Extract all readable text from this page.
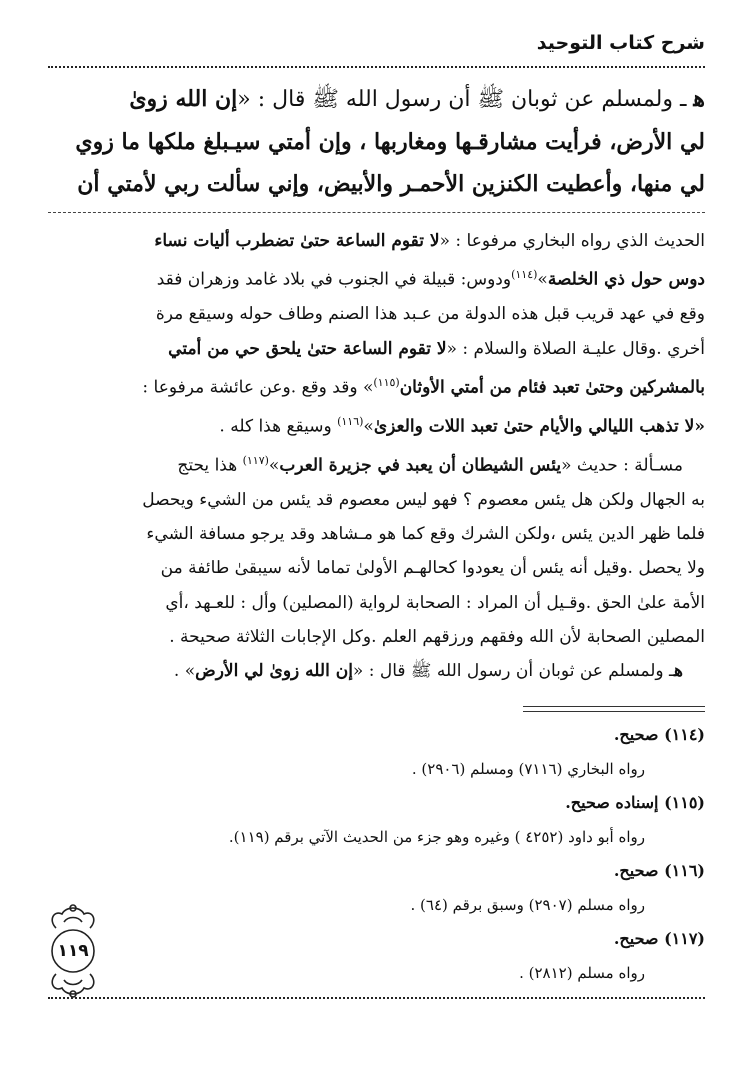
شرح كتاب التوحيد
ﮬ ـ ولمسلم عن ثوبان ﷺ أن رسول الله ﷺ قال : «إن الله زوىٰ
لي الأرض، فرأيت مشارقـها ومغاربها ، وإن أمتي سيـبلغ ملكها ما زوي
لي منها، وأعطيت الكنزين الأحمـر والأبيض، وإني سألت ربي لأمتي أن
الحديث الذي رواه البخاري مرفوعا : «لا تقوم الساعة حتىٰ تضطرب أليات نساء
دوس حول ذي الخلصة»$^{(١١٤)}$ودوس: قبيلة في الجنوب في بلاد غامد وزهران فقد
وقع في عهد قريب قبل هذه الدولة من عـبد هذا الصنم وطاف حوله وسيقع مرة
أخري .وقال عليـة الصلاة والسلام : «لا تقوم الساعة حتىٰ يلحق حي من أمتي
بالمشركين وحتىٰ تعبد فئام من أمتي الأوثان$^{(١١٥)}$» وقد وقع .وعن عائشة مرفوعا :
«لا تذهب الليالي والأيام حتىٰ تعبد اللات والعزىٰ»$^{(١١٦)}$ وسيقع هذا كله .
مسـألة : حديث «يئس الشيطان أن يعبد في جزيرة العرب»$^{(١١٧)}$ هذا يحتج
به الجهال ولكن هل يئس معصوم ؟ فهو ليس معصوم قد يئس من الشيء ويحصل
فلما ظهر الدين يئس ،ولكن الشرك وقع كما هو مـشاهد وقد يرجو مسافة الشيء
ولا يحصل .وقيل أنه يئس أن يعودوا كحالهـم الأولىٰ تماما لأنه سيبقىٰ طائفة من
الأمة علىٰ الحق .وقـيل أن المراد : الصحابة لرواية (المصلين) وأل : للعـهد ،أي
المصلين الصحابة لأن الله وفقهم ورزقهم العلم .وكل الإجابات الثلاثة صحيحة .
ﮬـ ولمسلم عن ثوبان أن رسول الله ﷺ قال : «إن الله زوىٰ لي الأرض» .
(١١٤) صحيح.
رواه البخاري (٧١١٦) ومسلم (٢٩٠٦) .
(١١٥) إسناده صحيح.
رواه أبو داود (٤٢٥٢ ) وغيره وهو جزء من الحديث الآتي برقم (١١٩).
(١١٦) صحيح.
رواه مسلم (٢٩٠٧) وسبق برقم (٦٤) .
(١١٧) صحيح.
رواه مسلم (٢٨١٢) .
١١٩
